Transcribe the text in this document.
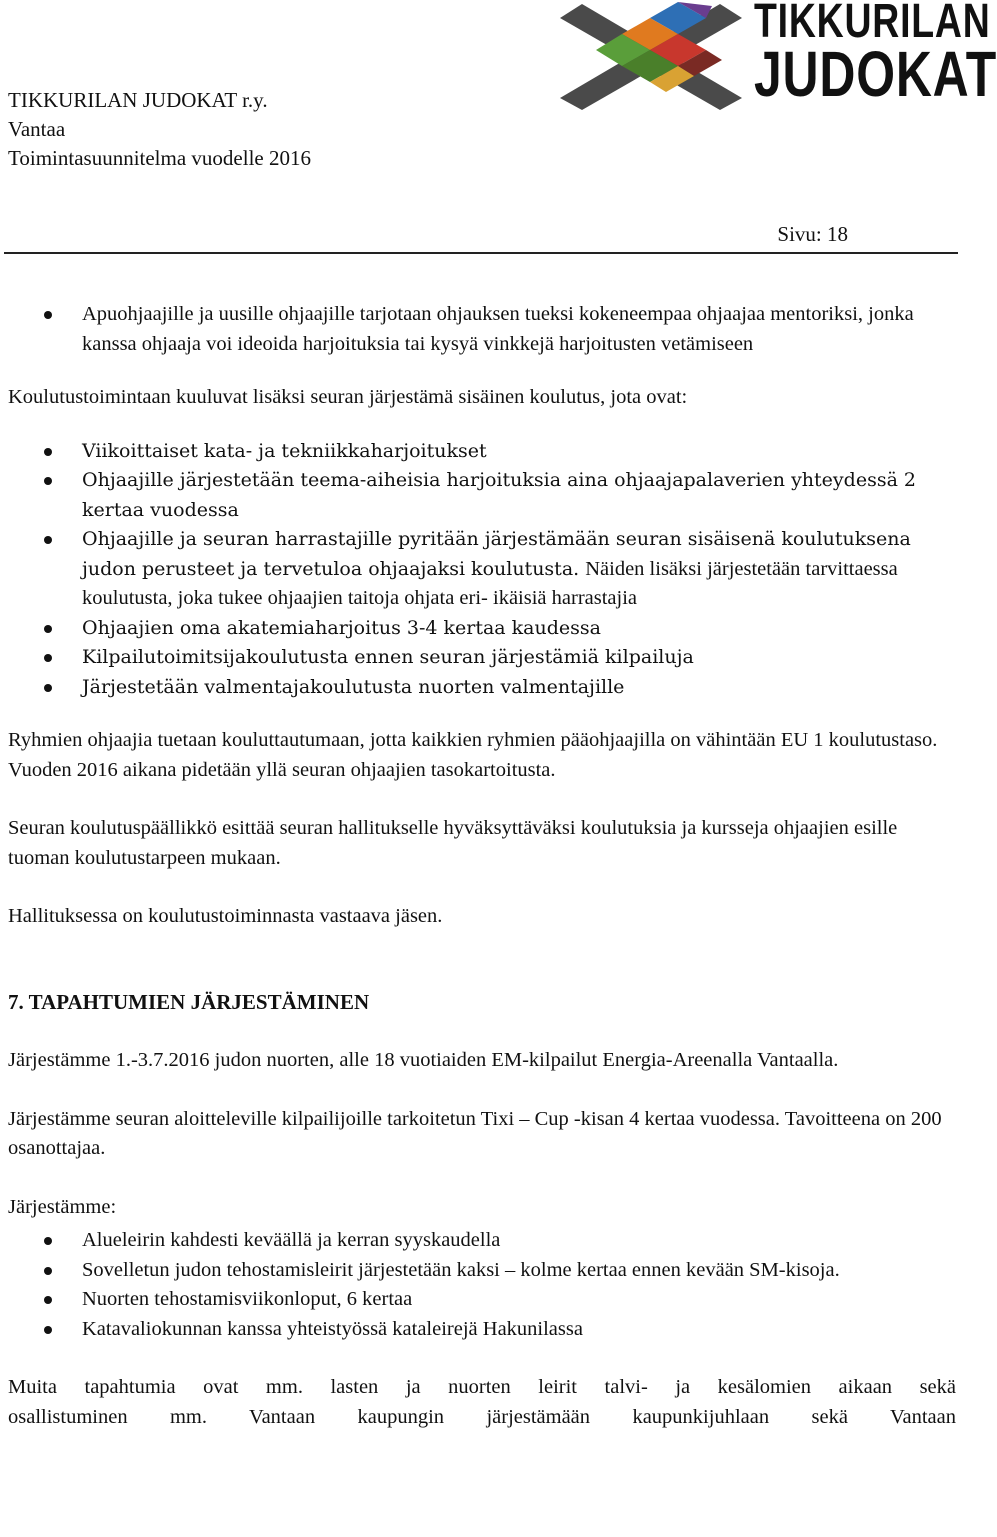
TIKKURILAN JUDOKAT r.y.
Vantaa
Toimintasuunnitelma vuodelle 2016
TIKKURILAN
JUDOKAT
Sivu: 18
Apuohjaajille ja uusille ohjaajille tarjotaan ohjauksen tueksi kokeneempaa ohjaajaa mentoriksi, jonka kanssa ohjaaja voi ideoida harjoituksia tai kysyä vinkkejä harjoitusten vetämiseen

Koulutustoimintaan kuuluvat lisäksi seuran järjestämä sisäinen koulutus, jota ovat:

Viikoittaiset kata- ja tekniikkaharjoitukset
Ohjaajille järjestetään teema-aiheisia harjoituksia aina ohjaajapalaverien yhteydessä 2 kertaa vuodessa
Ohjaajille ja seuran harrastajille pyritään järjestämään seuran sisäisenä koulutuksena judon perusteet ja tervetuloa ohjaajaksi koulutusta. Näiden lisäksi järjestetään tarvittaessa koulutusta, joka tukee ohjaajien taitoja ohjata eri- ikäisiä harrastajia
Ohjaajien oma akatemiaharjoitus 3-4 kertaa kaudessa
Kilpailutoimitsijakoulutusta ennen seuran järjestämiä kilpailuja
Järjestetään valmentajakoulutusta nuorten valmentajille

Ryhmien ohjaajia tuetaan kouluttautumaan, jotta kaikkien ryhmien pääohjaajilla on vähintään EU 1 koulutustaso. Vuoden 2016 aikana pidetään yllä seuran ohjaajien tasokartoitusta.

Seuran koulutuspäällikkö esittää seuran hallitukselle hyväksyttäväksi koulutuksia ja kursseja ohjaajien esille tuoman koulutustarpeen mukaan.

Hallituksessa on koulutustoiminnasta vastaava jäsen.

7. TAPAHTUMIEN JÄRJESTÄMINEN

Järjestämme 1.-3.7.2016 judon nuorten, alle 18 vuotiaiden EM-kilpailut Energia-Areenalla Vantaalla.

Järjestämme seuran aloitteleville kilpailijoille tarkoitetun Tixi – Cup -kisan 4 kertaa vuodessa. Tavoitteena on 200 osanottajaa.

Järjestämme:

Alueleirin kahdesti keväällä ja kerran syyskaudella
Sovelletun judon tehostamisleirit järjestetään kaksi – kolme kertaa ennen kevään SM-kisoja.
Nuorten tehostamisviikonloput, 6 kertaa
Katavaliokunnan kanssa yhteistyössä kataleirejä Hakunilassa

Muita tapahtumia ovat mm. lasten ja nuorten leirit talvi- ja kesälomien aikaan sekä

osallistuminen mm. Vantaan kaupungin järjestämään kaupunkijuhlaan sekä Vantaan
